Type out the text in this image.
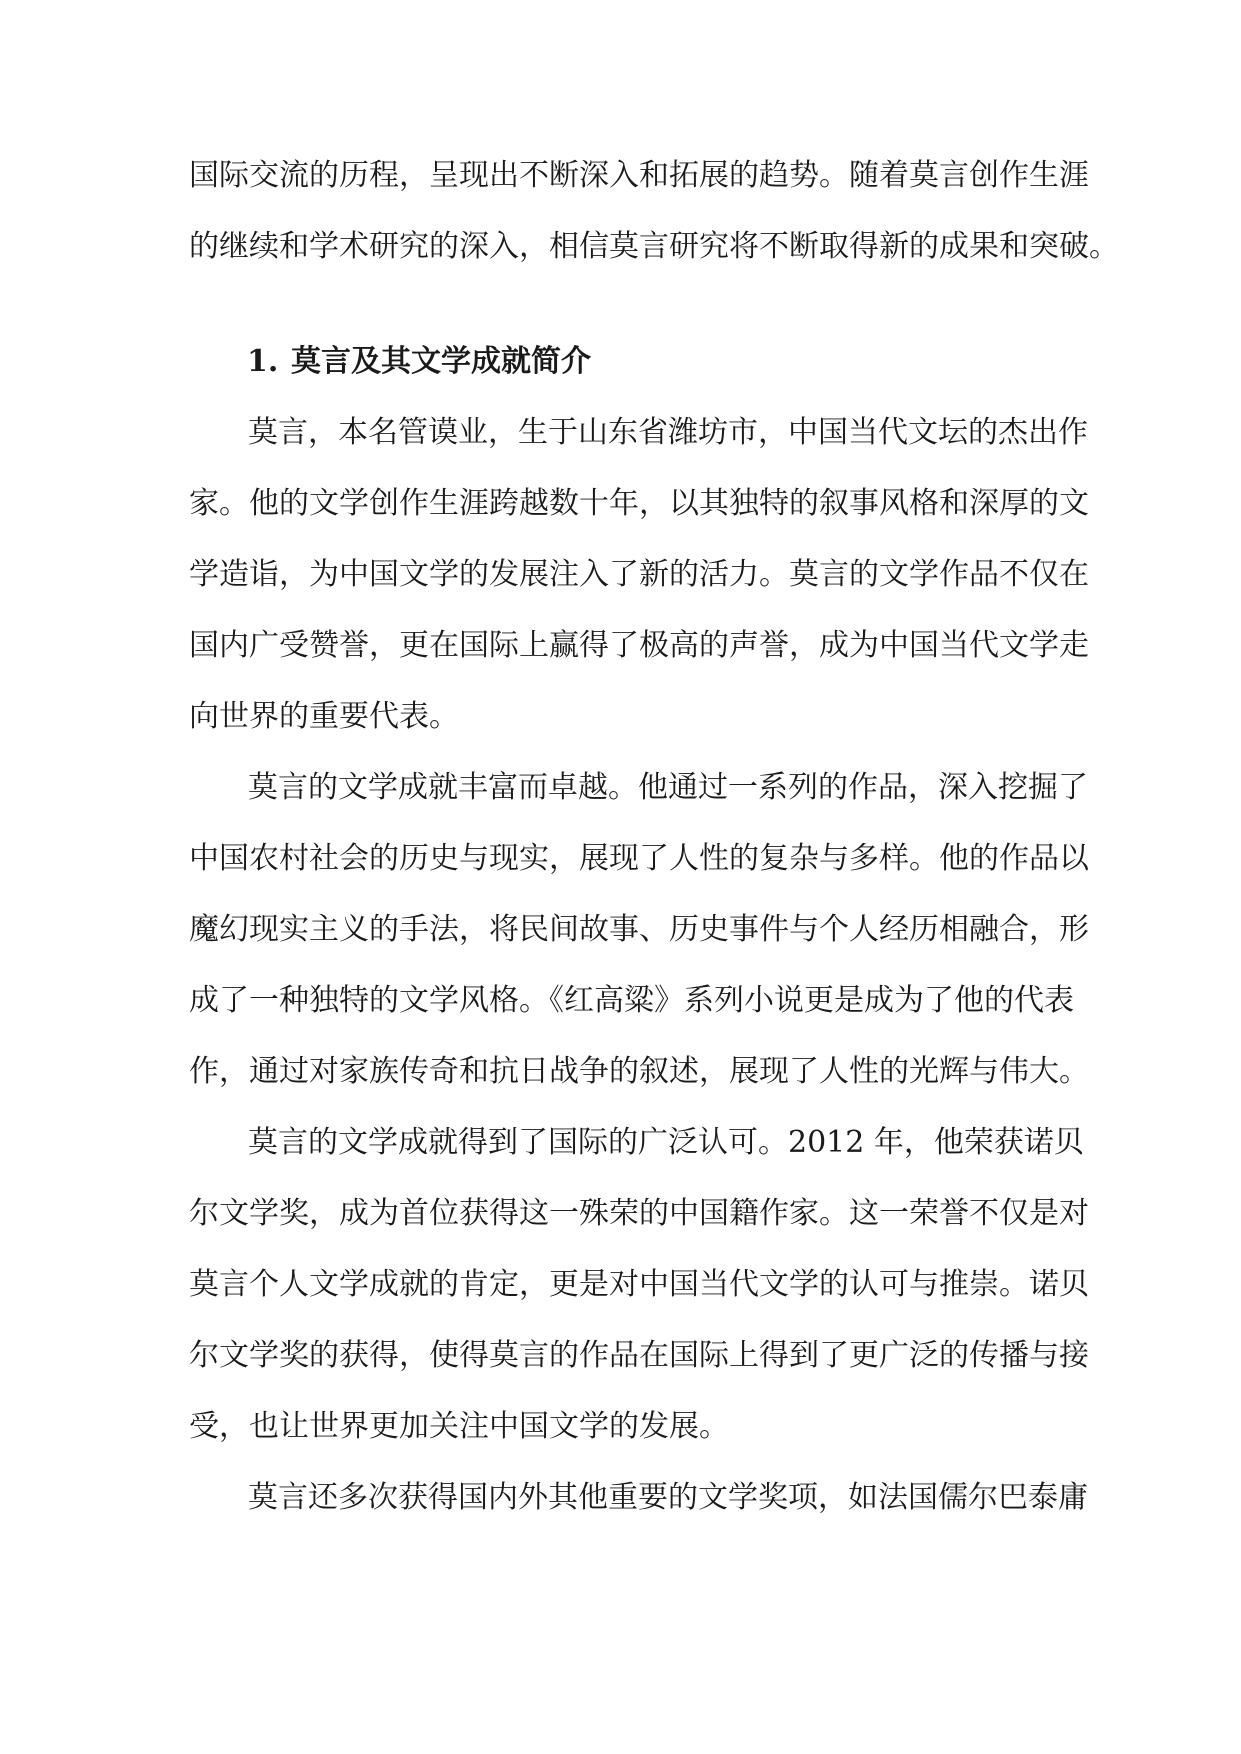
国际交流的历程，呈现出不断深入和拓展的趋势。随着莫言创作生涯
的继续和学术研究的深入，相信莫言研究将不断取得新的成果和突破。
1. 莫言及其文学成就简介
莫言，本名管谟业，生于山东省潍坊市，中国当代文坛的杰出作
家。他的文学创作生涯跨越数十年，以其独特的叙事风格和深厚的文
学造诣，为中国文学的发展注入了新的活力。莫言的文学作品不仅在
国内广受赞誉，更在国际上赢得了极高的声誉，成为中国当代文学走
向世界的重要代表。
莫言的文学成就丰富而卓越。他通过一系列的作品，深入挖掘了
中国农村社会的历史与现实，展现了人性的复杂与多样。他的作品以
魔幻现实主义的手法，将民间故事、历史事件与个人经历相融合，形
成了一种独特的文学风格。《红高粱》系列小说更是成为了他的代表
作，通过对家族传奇和抗日战争的叙述，展现了人性的光辉与伟大。
莫言的文学成就得到了国际的广泛认可。2012 年，他荣获诺贝
尔文学奖，成为首位获得这一殊荣的中国籍作家。这一荣誉不仅是对
莫言个人文学成就的肯定，更是对中国当代文学的认可与推崇。诺贝
尔文学奖的获得，使得莫言的作品在国际上得到了更广泛的传播与接
受，也让世界更加关注中国文学的发展。
莫言还多次获得国内外其他重要的文学奖项，如法国儒尔巴泰庸
